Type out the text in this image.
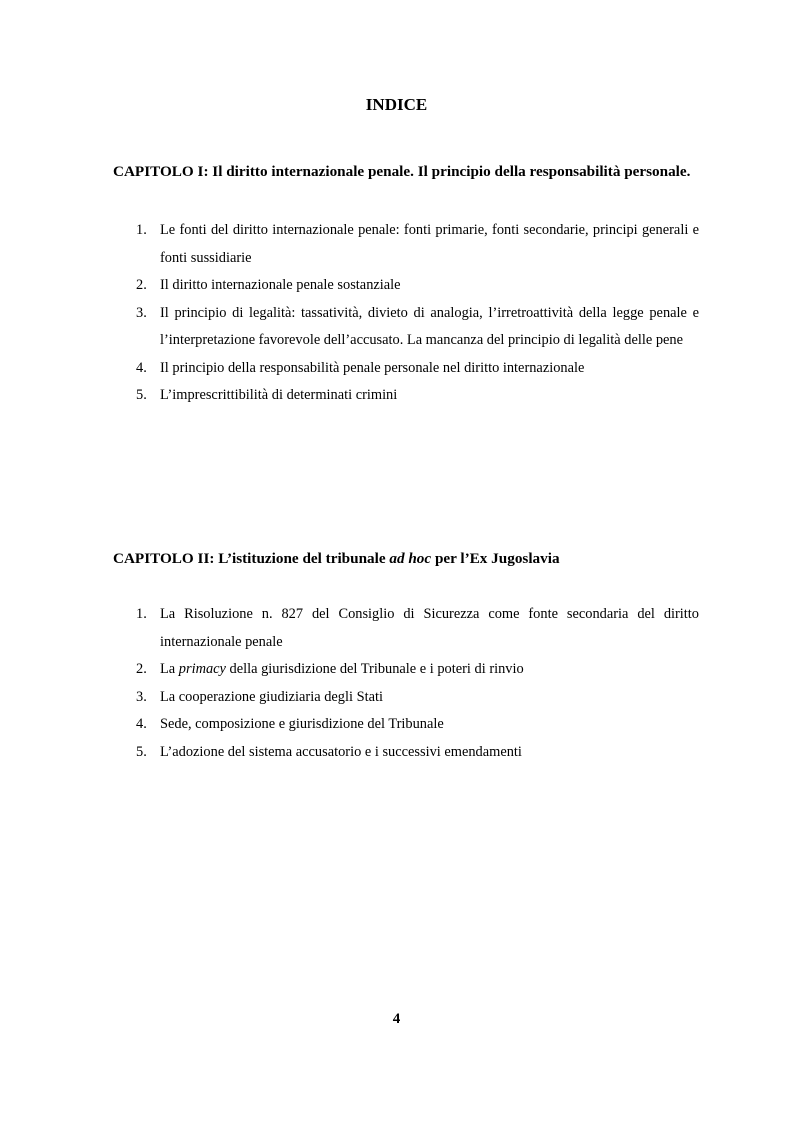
INDICE
CAPITOLO I: Il diritto internazionale penale. Il principio della responsabilità personale.
1. Le fonti del diritto internazionale penale: fonti primarie, fonti secondarie, principi generali e fonti sussidiarie
2. Il diritto internazionale penale sostanziale
3. Il principio di legalità: tassatività, divieto di analogia, l’irretroattività della legge penale e l’interpretazione favorevole dell’accusato. La mancanza del principio di legalità delle pene
4. Il principio della responsabilità penale personale nel diritto internazionale
5. L’imprescrittibilità di determinati crimini
CAPITOLO II: L’istituzione del tribunale ad hoc per l’Ex Jugoslavia
1. La Risoluzione n. 827 del Consiglio di Sicurezza come fonte secondaria del diritto internazionale penale
2. La primacy della giurisdizione del Tribunale e i poteri di rinvio
3. La cooperazione giudiziaria degli Stati
4. Sede, composizione e giurisdizione del Tribunale
5. L’adozione del sistema accusatorio e i successivi emendamenti

4
